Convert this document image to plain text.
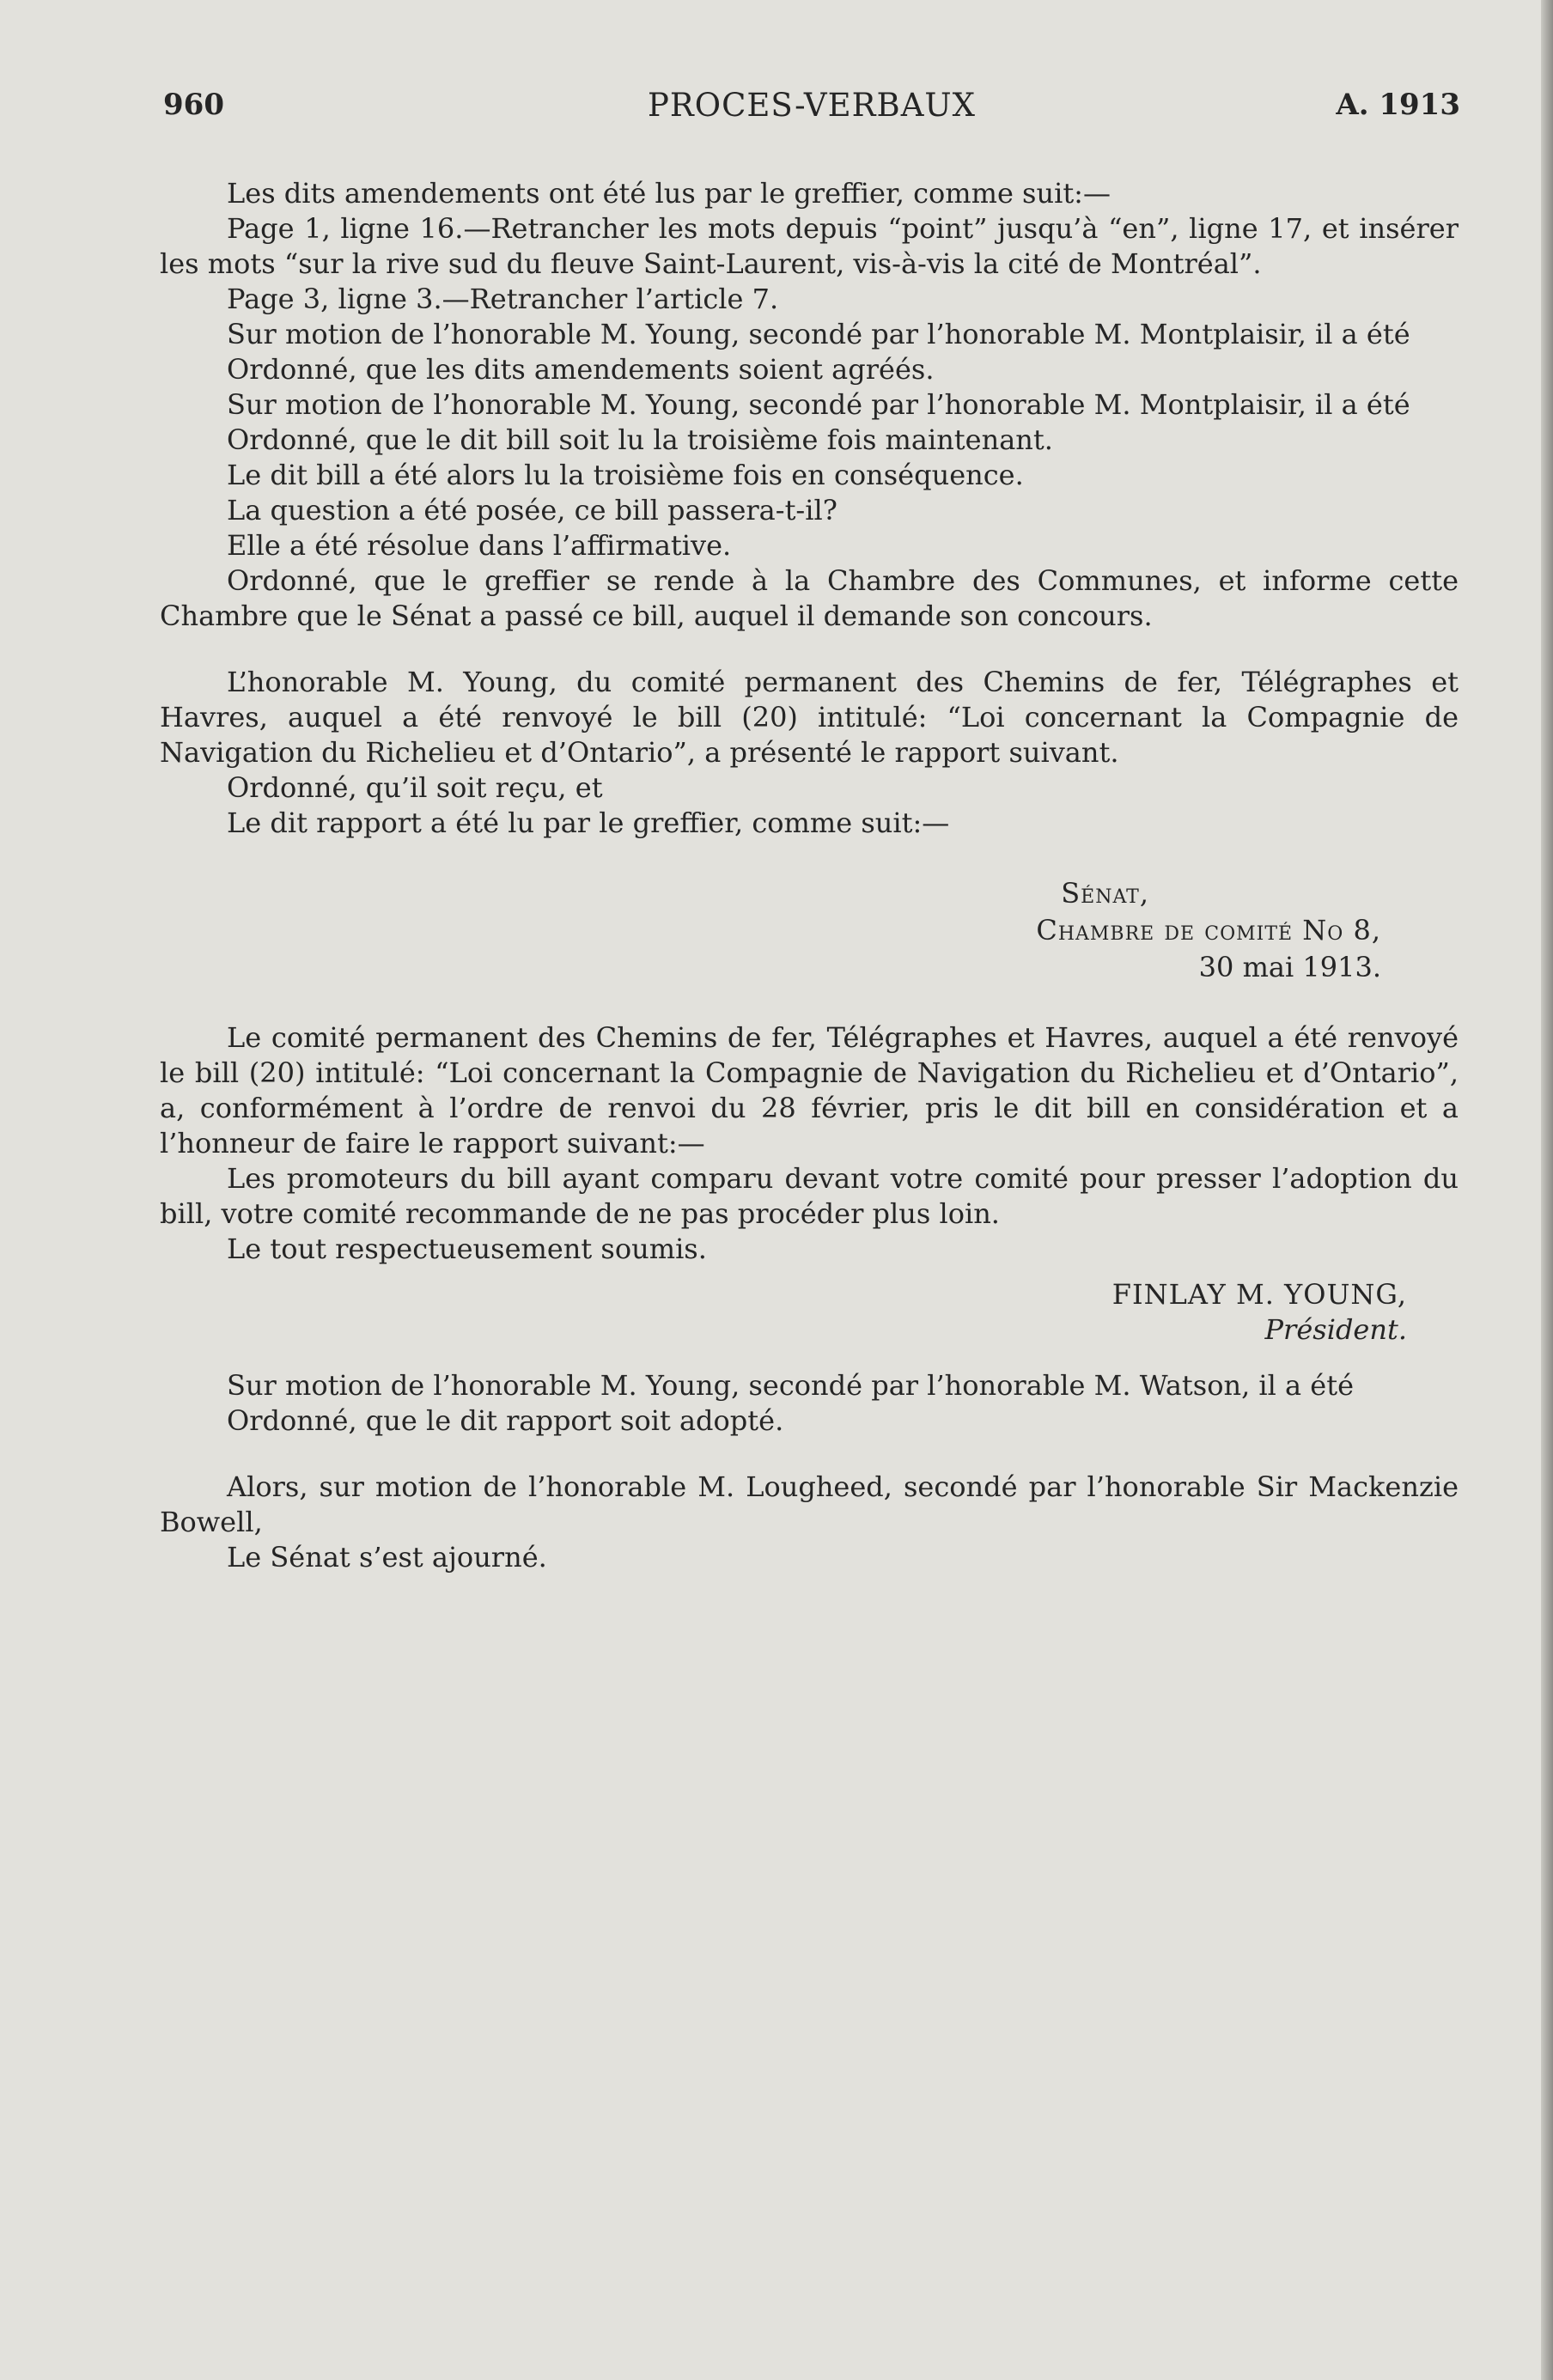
960	PROCES-VERBAUX	A. 1913

Les dits amendements ont été lus par le greffier, comme suit:—

Page 1, ligne 16.—Retrancher les mots depuis “point” jusqu’à “en”, ligne 17, et insérer les mots “sur la rive sud du fleuve Saint-Laurent, vis-à-vis la cité de Montréal”.

Page 3, ligne 3.—Retrancher l’article 7.

Sur motion de l’honorable M. Young, secondé par l’honorable M. Montplaisir, il a été

Ordonné, que les dits amendements soient agréés.

Sur motion de l’honorable M. Young, secondé par l’honorable M. Montplaisir, il a été

Ordonné, que le dit bill soit lu la troisième fois maintenant.

Le dit bill a été alors lu la troisième fois en conséquence.

La question a été posée, ce bill passera-t-il?

Elle a été résolue dans l’affirmative.

Ordonné, que le greffier se rende à la Chambre des Communes, et informe cette Chambre que le Sénat a passé ce bill, auquel il demande son concours.

L’honorable M. Young, du comité permanent des Chemins de fer, Télégraphes et Havres, auquel a été renvoyé le bill (20) intitulé: “Loi concernant la Compagnie de Navigation du Richelieu et d’Ontario”, a présenté le rapport suivant.

Ordonné, qu’il soit reçu, et

Le dit rapport a été lu par le greffier, comme suit:—

Sénat,
Chambre de comité No 8,
30 mai 1913.

Le comité permanent des Chemins de fer, Télégraphes et Havres, auquel a été renvoyé le bill (20) intitulé: “Loi concernant la Compagnie de Navigation du Richelieu et d’Ontario”, a, conformément à l’ordre de renvoi du 28 février, pris le dit bill en considération et a l’honneur de faire le rapport suivant:—

Les promoteurs du bill ayant comparu devant votre comité pour presser l’adoption du bill, votre comité recommande de ne pas procéder plus loin.

Le tout respectueusement soumis.

FINLAY M. YOUNG,
Président.

Sur motion de l’honorable M. Young, secondé par l’honorable M. Watson, il a été

Ordonné, que le dit rapport soit adopté.

Alors, sur motion de l’honorable M. Lougheed, secondé par l’honorable Sir Mackenzie Bowell,

Le Sénat s’est ajourné.
